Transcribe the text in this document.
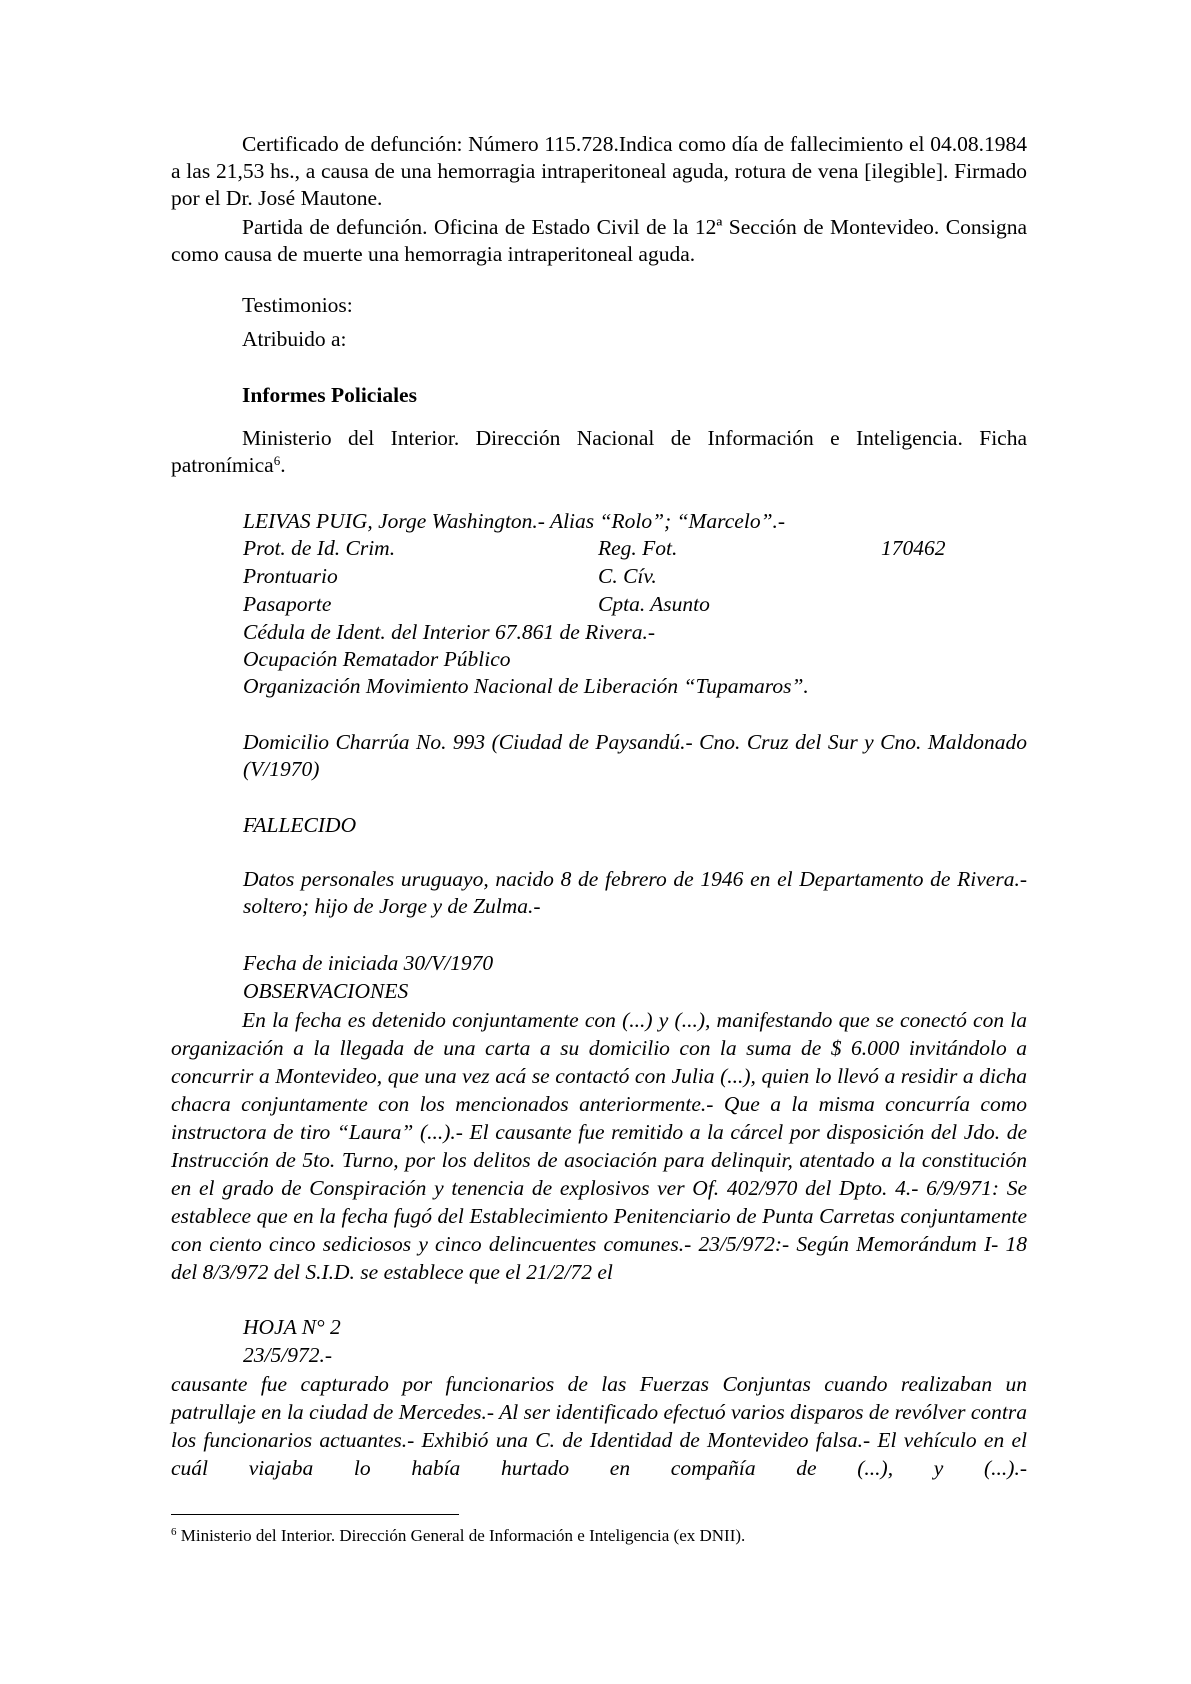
Certificado de defunción: Número 115.728.Indica como día de fallecimiento el 04.08.1984 a las 21,53 hs., a causa de una hemorragia intraperitoneal aguda, rotura de vena [ilegible]. Firmado por el Dr. José Mautone.
Partida de defunción. Oficina de Estado Civil de la 12ª Sección de Montevideo. Consigna como causa de muerte una hemorragia intraperitoneal aguda.
Testimonios:
Atribuido a:
Informes Policiales
Ministerio del Interior. Dirección Nacional de Información e Inteligencia. Ficha patronímica$^6$.
LEIVAS PUIG, Jorge Washington.- Alias “Rolo”; “Marcelo”.-
Prot. de Id. Crim.	Reg. Fot.	170462
Prontuario	C. Cív.
Pasaporte	Cpta. Asunto
Cédula de Ident. del Interior 67.861 de Rivera.-
Ocupación Rematador Público
Organización Movimiento Nacional de Liberación “Tupamaros”.
Domicilio Charrúa No. 993 (Ciudad de Paysandú.- Cno. Cruz del Sur y Cno. Maldonado (V/1970)
FALLECIDO
Datos personales uruguayo, nacido 8 de febrero de 1946 en el Departamento de Rivera.- soltero; hijo de Jorge y de Zulma.-
Fecha de iniciada 30/V/1970
OBSERVACIONES
En la fecha es detenido conjuntamente con (...) y (...), manifestando que se conectó con la organización a la llegada de una carta a su domicilio con la suma de $ 6.000 invitándolo a concurrir a Montevideo, que una vez acá se contactó con Julia (...), quien lo llevó a residir a dicha chacra conjuntamente con los mencionados anteriormente.- Que a la misma concurría como instructora de tiro “Laura” (...).- El causante fue remitido a la cárcel por disposición del Jdo. de Instrucción de 5to. Turno, por los delitos de asociación para delinquir, atentado a la constitución en el grado de Conspiración y tenencia de explosivos ver Of. 402/970 del Dpto. 4.- 6/9/971: Se establece que en la fecha fugó del Establecimiento Penitenciario de Punta Carretas conjuntamente con ciento cinco sediciosos y cinco delincuentes comunes.- 23/5/972:- Según Memorándum I- 18 del 8/3/972 del S.I.D. se establece que el 21/2/72 el
HOJA N° 2
23/5/972.-
causante fue capturado por funcionarios de las Fuerzas Conjuntas cuando realizaban un patrullaje en la ciudad de Mercedes.- Al ser identificado efectuó varios disparos de revólver contra los funcionarios actuantes.- Exhibió una C. de Identidad de Montevideo falsa.- El vehículo en el cuál viajaba lo había hurtado en compañía de (...), y (...).-
$^6$ Ministerio del Interior. Dirección General de Información e Inteligencia (ex DNII).
